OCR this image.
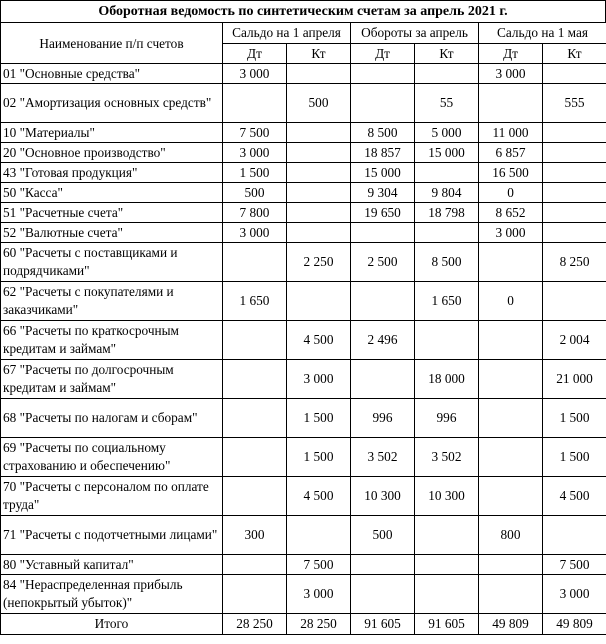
Оборотная ведомость по синтетическим счетам за апрель 2021 г.
Наименование п/п счетов	Сальдо на 1 апреля		Обороты за апрель		Сальдо на 1 мая	
	Дт	Кт	Дт	Кт	Дт	Кт
01 "Основные средства"	3 000				3 000	
02 "Амортизация основных средств"		500		55		555
10 "Материалы"	7 500		8 500	5 000	11 000	
20 "Основное производство"	3 000		18 857	15 000	6 857	
43 "Готовая продукция"	1 500		15 000		16 500	
50 "Касса"	500		9 304	9 804	0	
51 "Расчетные счета"	7 800		19 650	18 798	8 652	
52 "Валютные счета"	3 000				3 000	
60 "Расчеты с поставщиками и подрядчиками"		2 250	2 500	8 500		8 250
62 "Расчеты с покупателями и заказчиками"	1 650			1 650	0	
66 "Расчеты по краткосрочным кредитам и займам"		4 500	2 496			2 004
67 "Расчеты по долгосрочным кредитам и займам"		3 000		18 000		21 000
68 "Расчеты по налогам и сборам"		1 500	996	996		1 500
69 "Расчеты по социальному страхованию и обеспечению"		1 500	3 502	3 502		1 500
70 "Расчеты с персоналом по оплате труда"		4 500	10 300	10 300		4 500
71 "Расчеты с подотчетными лицами"	300		500		800	
80 "Уставный капитал"		7 500				7 500
84 "Нераспределенная прибыль (непокрытый убыток)"		3 000				3 000
Итого	28 250	28 250	91 605	91 605	49 809	49 809
